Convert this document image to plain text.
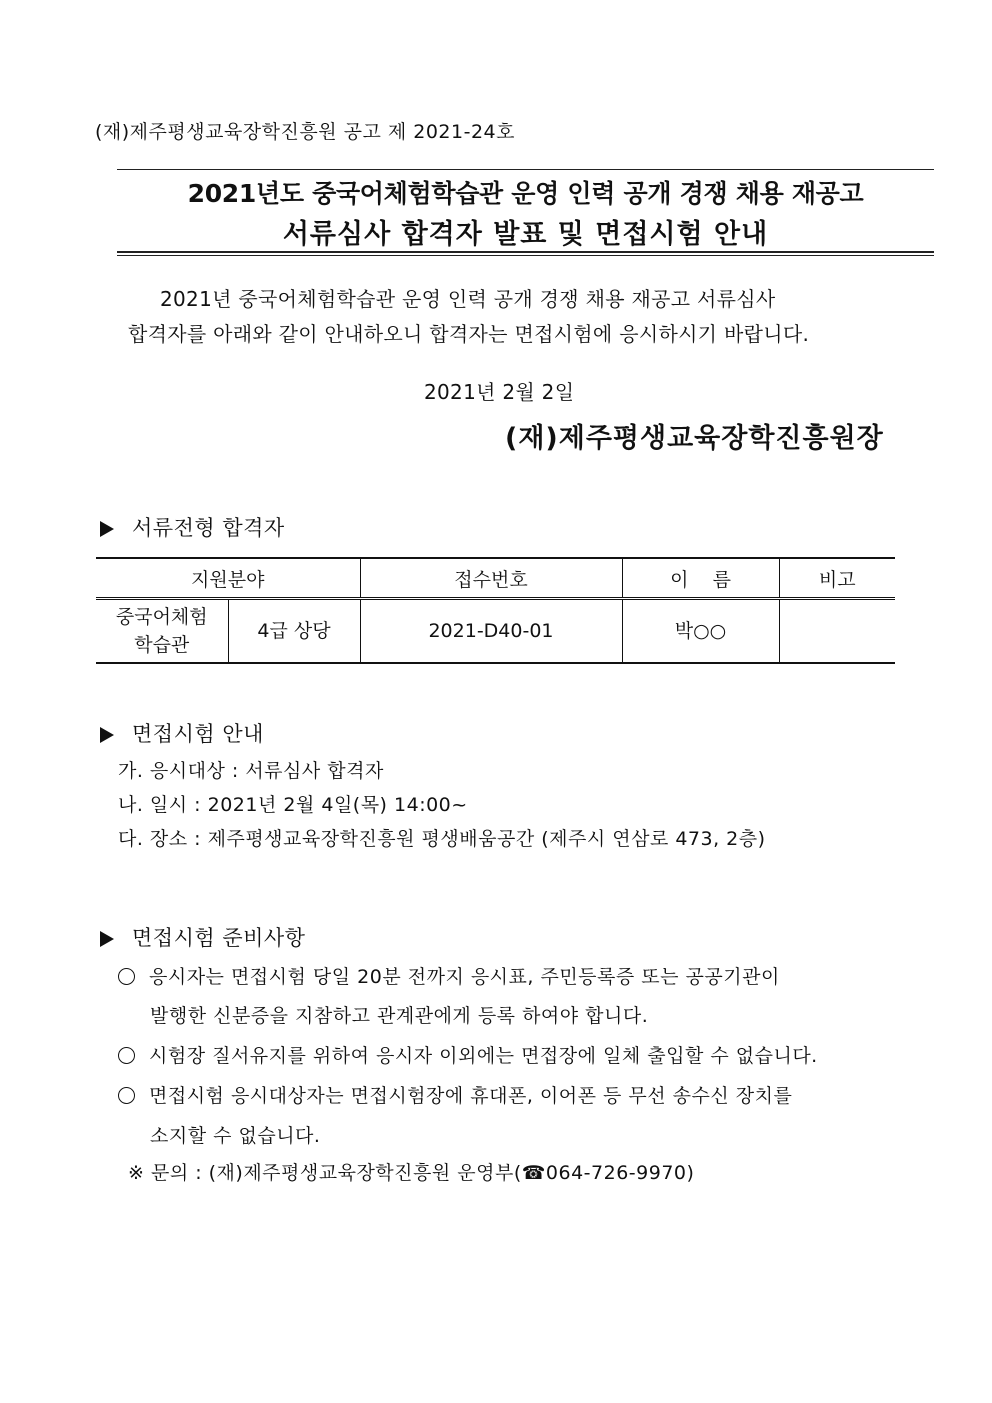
(재)제주평생교육장학진흥원 공고 제 2021-24호
2021년도 중국어체험학습관 운영 인력 공개 경쟁 채용 재공고
서류심사 합격자 발표 및 면접시험 안내
2021년 중국어체험학습관 운영 인력 공개 경쟁 채용 재공고 서류심사
합격자를 아래와 같이 안내하오니 합격자는 면접시험에 응시하시기 바랍니다.
2021년 2월 2일
(재)제주평생교육장학진흥원장
서류전형 합격자
지원분야		접수번호	이    름	비고
중국어체험
학습관	4급 상당	2021-D40-01	박○○	
면접시험 안내
가. 응시대상 : 서류심사 합격자
나. 일시 : 2021년 2월 4일(목) 14:00~
다. 장소 : 제주평생교육장학진흥원 평생배움공간 (제주시 연삼로 473, 2층)
면접시험 준비사항
응시자는 면접시험 당일 20분 전까지 응시표, 주민등록증 또는 공공기관이
발행한 신분증을 지참하고 관계관에게 등록 하여야 합니다.
시험장 질서유지를 위하여 응시자 이외에는 면접장에 일체 출입할 수 없습니다.
면접시험 응시대상자는 면접시험장에 휴대폰, 이어폰 등 무선 송수신 장치를
소지할 수 없습니다.
※ 문의 : (재)제주평생교육장학진흥원 운영부(☎064-726-9970)
